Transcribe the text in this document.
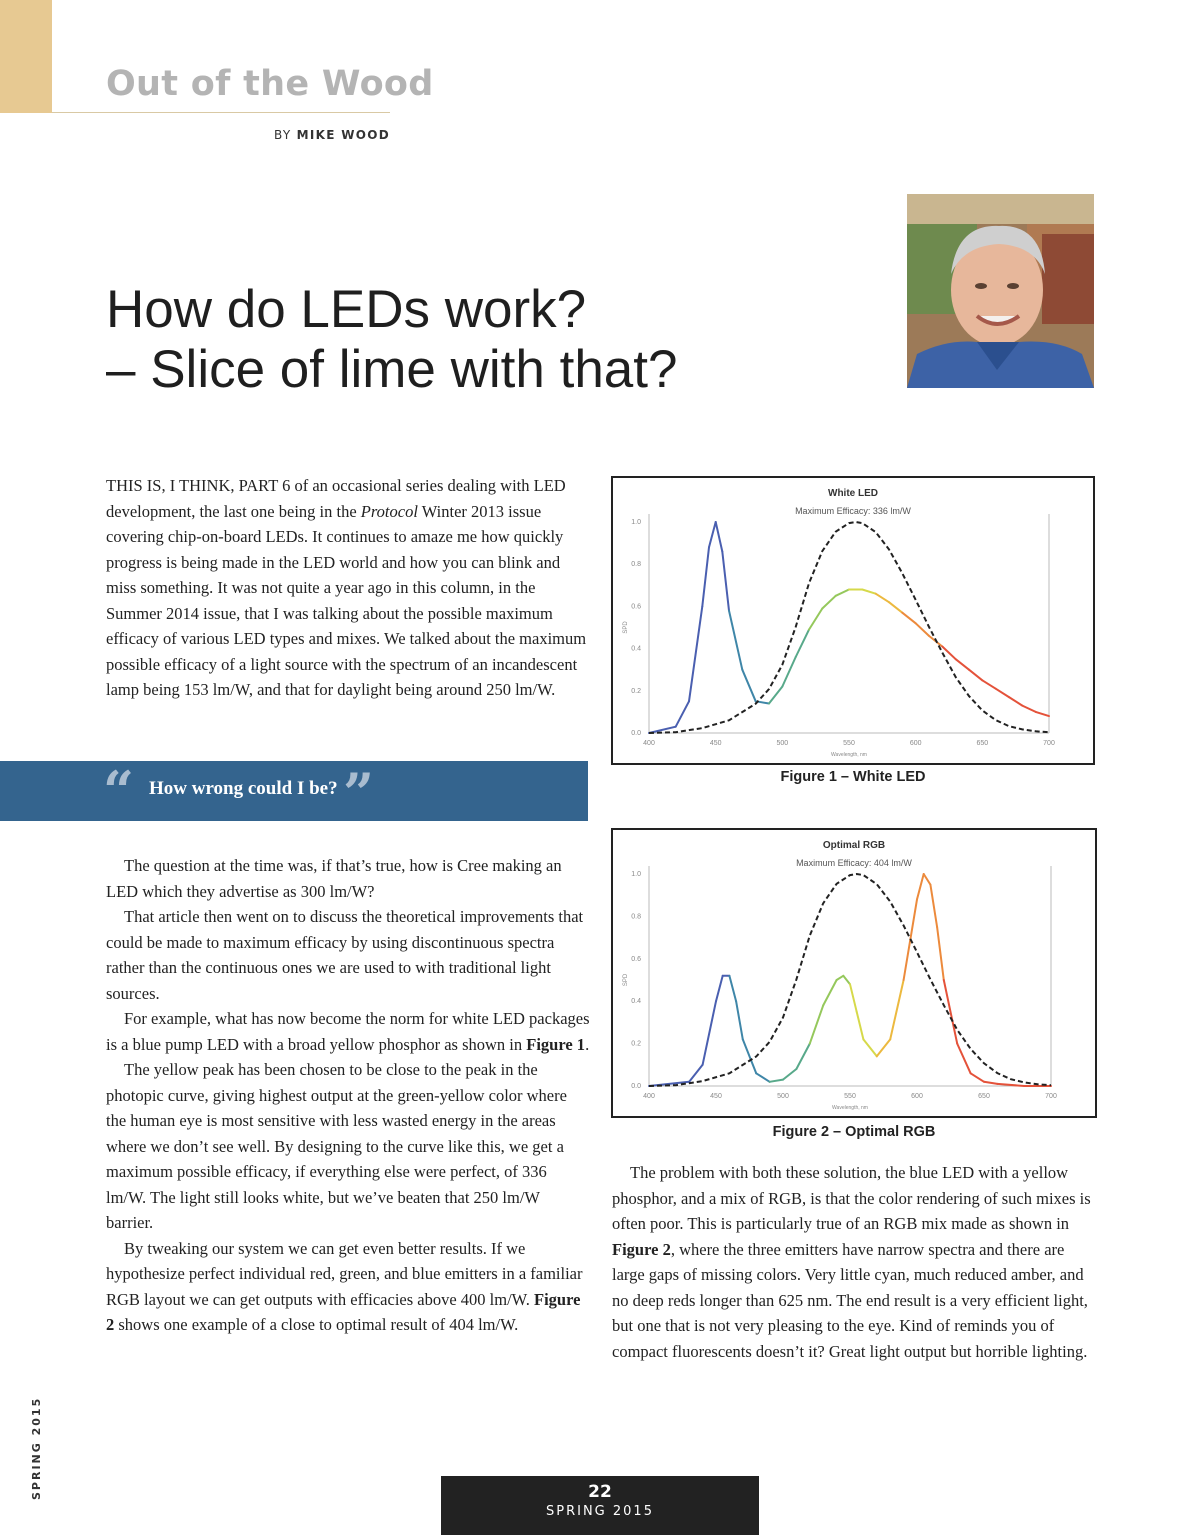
Out of the Wood
BY MIKE WOOD
How do LEDs work?
– Slice of lime with that?

THIS IS, I THINK, PART 6 of an occasional series dealing with LED development, the last one being in the Protocol Winter 2013 issue covering chip-on-board LEDs. It continues to amaze me how quickly progress is being made in the LED world and how you can blink and miss something. It was not quite a year ago in this column, in the Summer 2014 issue, that I was talking about the possible maximum efficacy of various LED types and mixes. We talked about the maximum possible efficacy of a light source with the spectrum of an incandescent lamp being 153 lm/W, and that for daylight being around 250 lm/W.

“ How wrong could I be? ”

The question at the time was, if that’s true, how is Cree making an LED which they advertise as 300 lm/W?

That article then went on to discuss the theoretical improvements that could be made to maximum efficacy by using discontinuous spectra rather than the continuous ones we are used to with traditional light sources.

For example, what has now become the norm for white LED packages is a blue pump LED with a broad yellow phosphor as shown in Figure 1.

The yellow peak has been chosen to be close to the peak in the photopic curve, giving highest output at the green-yellow color where the human eye is most sensitive with less wasted energy in the areas where we don’t see well. By designing to the curve like this, we get a maximum possible efficacy, if everything else were perfect, of 336 lm/W. The light still looks white, but we’ve beaten that 250 lm/W barrier.

By tweaking our system we can get even better results. If we hypothesize perfect individual red, green, and blue emitters in a familiar RGB layout we can get outputs with efficacies above 400 lm/W. Figure 2 shows one example of a close to optimal result of 404 lm/W.

White LED
Maximum Efficacy: 336 lm/W
400	450	500	550	600	650	700
0.0
0.2
0.4
0.6
0.8
1.0
Wavelength, nm
SPD
Figure 1 – White LED
Optimal RGB
Maximum Efficacy: 404 lm/W
400	450	500	550	600	650	700
0.0
0.2
0.4
0.6
0.8
1.0
Wavelength, nm
SPD
Figure 2 – Optimal RGB

The problem with both these solution, the blue LED with a yellow phosphor, and a mix of RGB, is that the color rendering of such mixes is often poor. This is particularly true of an RGB mix made as shown in Figure 2, where the three emitters have narrow spectra and there are large gaps of missing colors. Very little cyan, much reduced amber, and no deep reds longer than 625 nm. The end result is a very efficient light, but one that is not very pleasing to the eye. Kind of reminds you of compact fluorescents doesn’t it? Great light output but horrible lighting.

SPRING 2015	22
SPRING 2015
